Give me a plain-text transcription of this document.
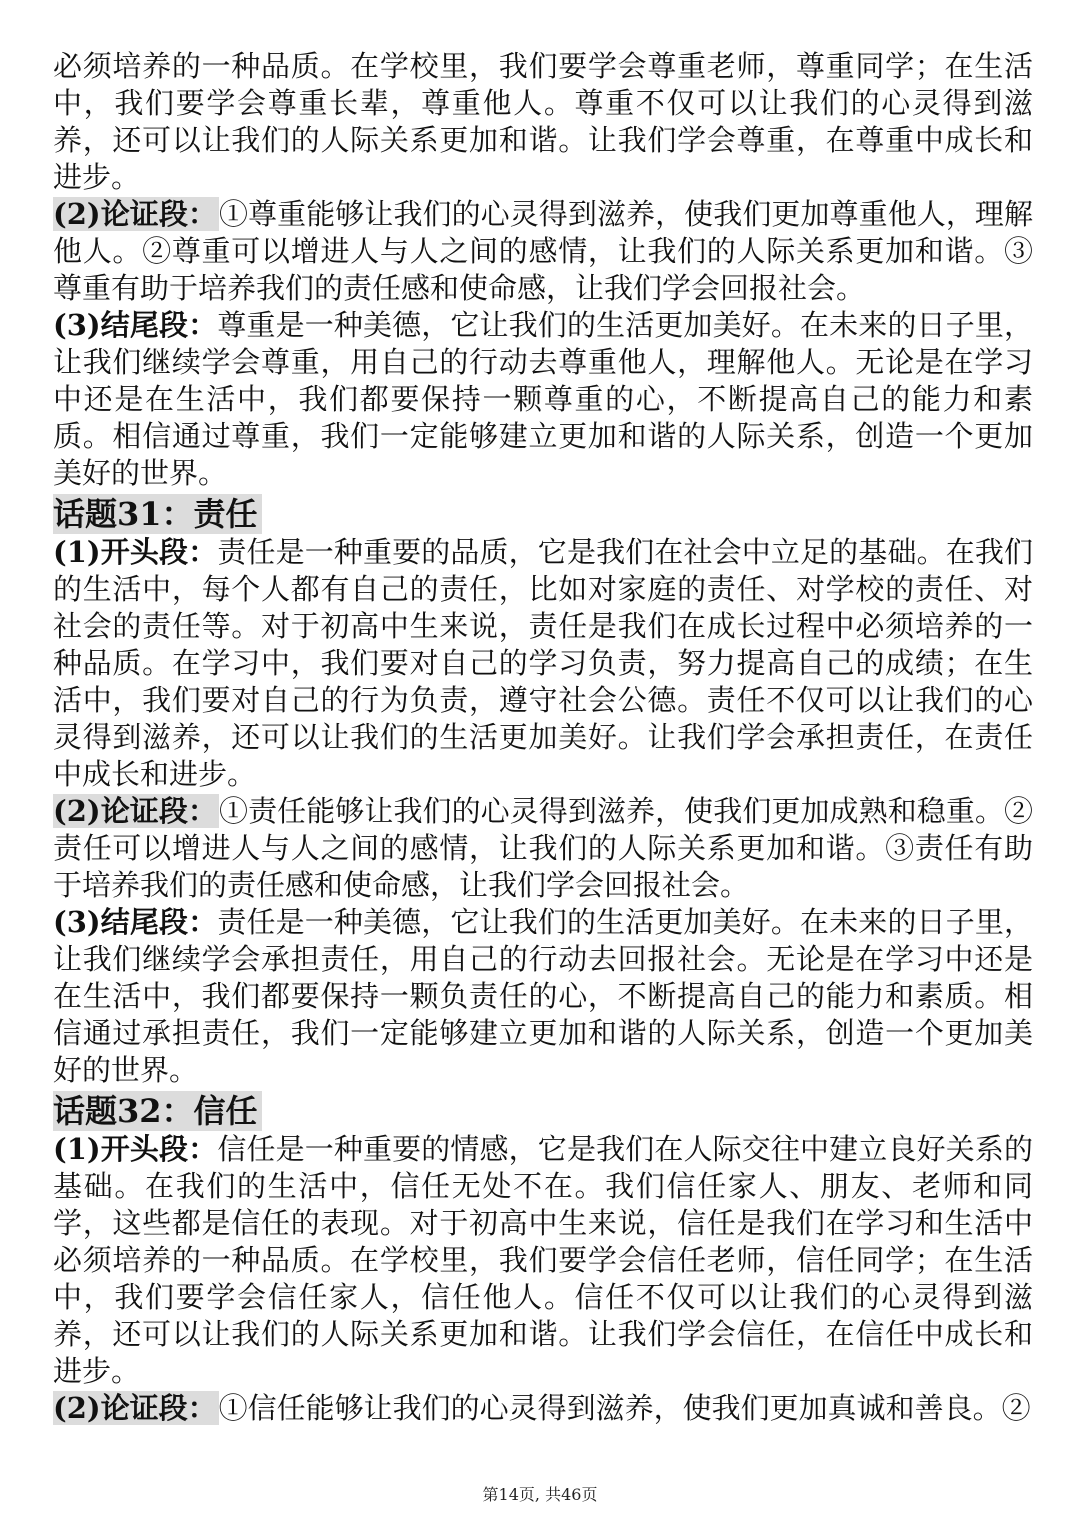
必须培养的一种品质。在学校里，我们要学会尊重老师，尊重同学；在生活中，我们要学会尊重长辈，尊重他人。尊重不仅可以让我们的心灵得到滋养，还可以让我们的人际关系更加和谐。让我们学会尊重，在尊重中成长和进步。

(2)论证段：①尊重能够让我们的心灵得到滋养，使我们更加尊重他人，理解他人。②尊重可以增进人与人之间的感情，让我们的人际关系更加和谐。③尊重有助于培养我们的责任感和使命感，让我们学会回报社会。

(3)结尾段：尊重是一种美德，它让我们的生活更加美好。在未来的日子里，让我们继续学会尊重，用自己的行动去尊重他人，理解他人。无论是在学习中还是在生活中，我们都要保持一颗尊重的心，不断提高自己的能力和素质。相信通过尊重，我们一定能够建立更加和谐的人际关系，创造一个更加美好的世界。

话题31：责任

(1)开头段：责任是一种重要的品质，它是我们在社会中立足的基础。在我们的生活中，每个人都有自己的责任，比如对家庭的责任、对学校的责任、对社会的责任等。对于初高中生来说，责任是我们在成长过程中必须培养的一种品质。在学习中，我们要对自己的学习负责，努力提高自己的成绩；在生活中，我们要对自己的行为负责，遵守社会公德。责任不仅可以让我们的心灵得到滋养，还可以让我们的生活更加美好。让我们学会承担责任，在责任中成长和进步。

(2)论证段：①责任能够让我们的心灵得到滋养，使我们更加成熟和稳重。②责任可以增进人与人之间的感情，让我们的人际关系更加和谐。③责任有助于培养我们的责任感和使命感，让我们学会回报社会。

(3)结尾段：责任是一种美德，它让我们的生活更加美好。在未来的日子里，让我们继续学会承担责任，用自己的行动去回报社会。无论是在学习中还是在生活中，我们都要保持一颗负责任的心，不断提高自己的能力和素质。相信通过承担责任，我们一定能够建立更加和谐的人际关系，创造一个更加美好的世界。

话题32：信任

(1)开头段：信任是一种重要的情感，它是我们在人际交往中建立良好关系的基础。在我们的生活中，信任无处不在。我们信任家人、朋友、老师和同学，这些都是信任的表现。对于初高中生来说，信任是我们在学习和生活中必须培养的一种品质。在学校里，我们要学会信任老师，信任同学；在生活中，我们要学会信任家人，信任他人。信任不仅可以让我们的心灵得到滋养，还可以让我们的人际关系更加和谐。让我们学会信任，在信任中成长和进步。

(2)论证段：①信任能够让我们的心灵得到滋养，使我们更加真诚和善良。②

第14页, 共46页
